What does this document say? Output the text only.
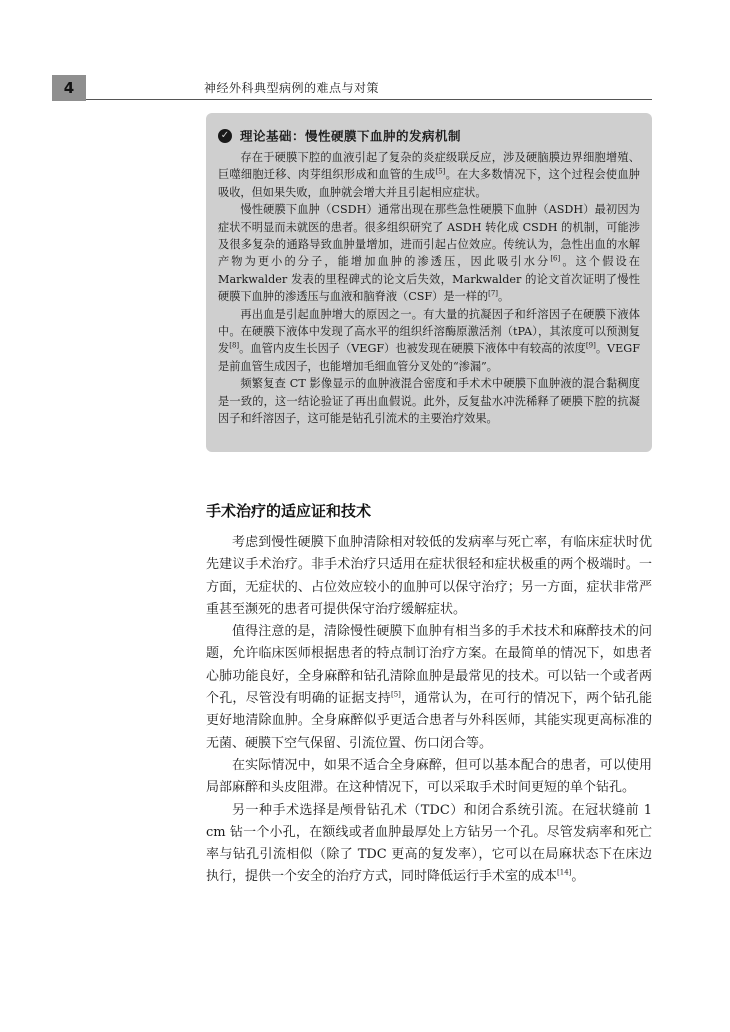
4	神经外科典型病例的难点与对策
✓ 理论基础：慢性硬膜下血肿的发病机制

存在于硬膜下腔的血液引起了复杂的炎症级联反应，涉及硬脑膜边界细胞增殖、巨噬细胞迁移、肉芽组织形成和血管的生成[5]。在大多数情况下，这个过程会使血肿吸收，但如果失败，血肿就会增大并且引起相应症状。

慢性硬膜下血肿（CSDH）通常出现在那些急性硬膜下血肿（ASDH）最初因为症状不明显而未就医的患者。很多组织研究了 ASDH 转化成 CSDH 的机制，可能涉及很多复杂的通路导致血肿量增加，进而引起占位效应。传统认为，急性出血的水解产物为更小的分子，能增加血肿的渗透压，因此吸引水分[6]。这个假设在 Markwalder 发表的里程碑式的论文后失效，Markwalder 的论文首次证明了慢性硬膜下血肿的渗透压与血液和脑脊液（CSF）是一样的[7]。

再出血是引起血肿增大的原因之一。有大量的抗凝因子和纤溶因子在硬膜下液体中。在硬膜下液体中发现了高水平的组织纤溶酶原激活剂（tPA），其浓度可以预测复发[8]。血管内皮生长因子（VEGF）也被发现在硬膜下液体中有较高的浓度[9]。VEGF 是前血管生成因子，也能增加毛细血管分叉处的“渗漏”。

频繁复查 CT 影像显示的血肿液混合密度和手术术中硬膜下血肿液的混合黏稠度是一致的，这一结论验证了再出血假说。此外，反复盐水冲洗稀释了硬膜下腔的抗凝因子和纤溶因子，这可能是钻孔引流术的主要治疗效果。

手术治疗的适应证和技术

考虑到慢性硬膜下血肿清除相对较低的发病率与死亡率，有临床症状时优先建议手术治疗。非手术治疗只适用在症状很轻和症状极重的两个极端时。一方面，无症状的、占位效应较小的血肿可以保守治疗；另一方面，症状非常严重甚至濒死的患者可提供保守治疗缓解症状。

值得注意的是，清除慢性硬膜下血肿有相当多的手术技术和麻醉技术的问题，允许临床医师根据患者的特点制订治疗方案。在最简单的情况下，如患者心肺功能良好，全身麻醉和钻孔清除血肿是最常见的技术。可以钻一个或者两个孔，尽管没有明确的证据支持[5]，通常认为，在可行的情况下，两个钻孔能更好地清除血肿。全身麻醉似乎更适合患者与外科医师，其能实现更高标准的无菌、硬膜下空气保留、引流位置、伤口闭合等。

在实际情况中，如果不适合全身麻醉，但可以基本配合的患者，可以使用局部麻醉和头皮阻滞。在这种情况下，可以采取手术时间更短的单个钻孔。

另一种手术选择是颅骨钻孔术（TDC）和闭合系统引流。在冠状缝前 1 cm 钻一个小孔，在额线或者血肿最厚处上方钻另一个孔。尽管发病率和死亡率与钻孔引流相似（除了 TDC 更高的复发率），它可以在局麻状态下在床边执行，提供一个安全的治疗方式，同时降低运行手术室的成本[14]。
